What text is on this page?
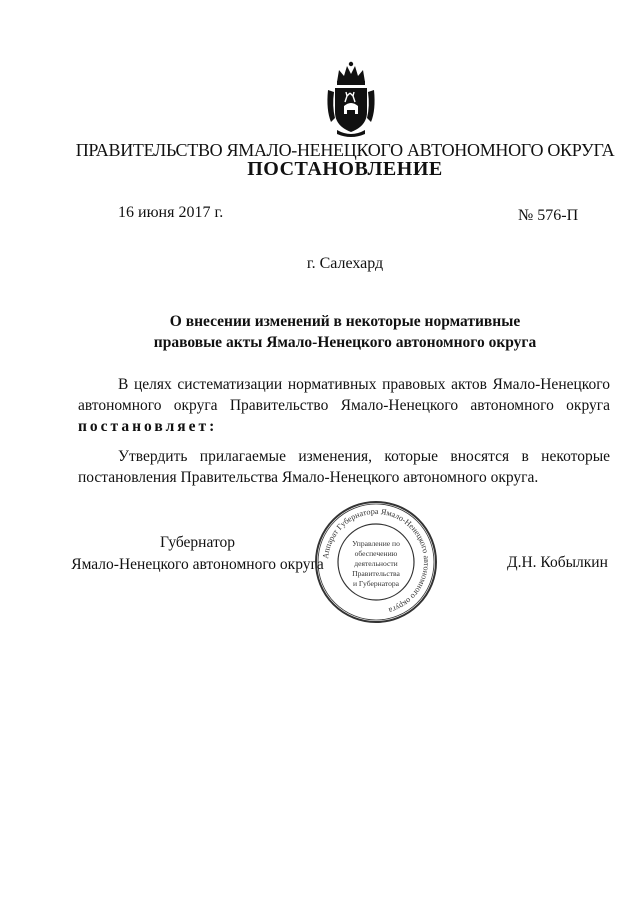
ПРАВИТЕЛЬСТВО ЯМАЛО-НЕНЕЦКОГО АВТОНОМНОГО ОКРУГА
ПОСТАНОВЛЕНИЕ
16 июня 2017 г.	№ 576-П
г. Салехард
О внесении изменений в некоторые нормативные
правовые акты Ямало-Ненецкого автономного округа

В целях систематизации нормативных правовых актов Ямало-Ненецкого

автономного округа Правительство Ямало-Ненецкого автономного округа

постановляет:

Утвердить прилагаемые изменения, которые вносятся в некоторые

постановления Правительства Ямало-Ненецкого автономного округа.

Губернатор
Ямало-Ненецкого автономного округа	Д.Н. Кобылкин
Аппарат Губернатора Ямало-Ненецкого автономного округа
Управление по
обеспечению
деятельности
Правительства
и Губернатора
